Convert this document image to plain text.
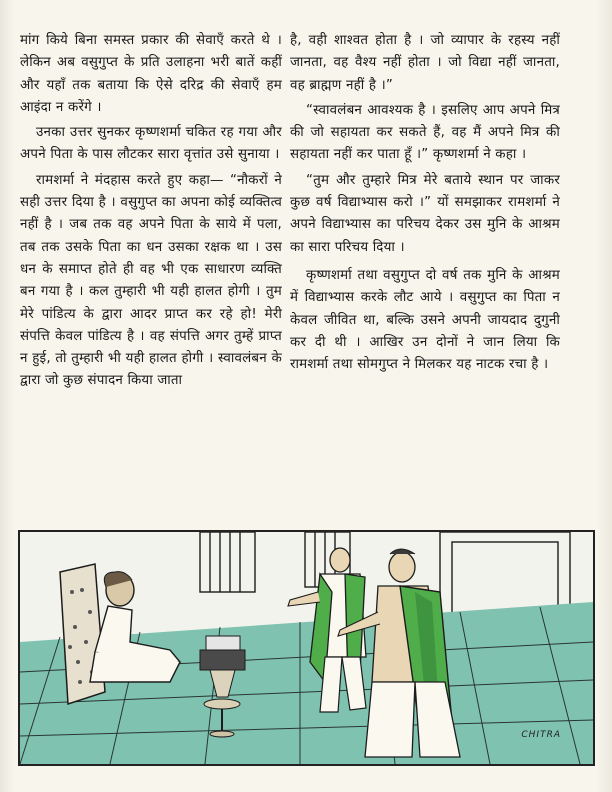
मांग किये बिना समस्त प्रकार की सेवाएँ करते थे । लेकिन अब वसुगुप्त के प्रति उलाहना भरी बातें कहीं और यहाँ तक बताया कि ऐसे दरिद्र की सेवाएँ हम आइंदा न करेंगे ।

उनका उत्तर सुनकर कृष्णशर्मा चकित रह गया और अपने पिता के पास लौटकर सारा वृत्तांत उसे सुनाया ।

रामशर्मा ने मंदहास करते हुए कहा— “नौकरों ने सही उत्तर दिया है । वसुगुप्त का अपना कोई व्यक्तित्व नहीं है । जब तक वह अपने पिता के साये में पला, तब तक उसके पिता का धन उसका रक्षक था । उस धन के समाप्त होते ही वह भी एक साधारण व्यक्ति बन गया है । कल तुम्हारी भी यही हालत होगी । तुम मेरे पांडित्य के द्वारा आदर प्राप्त कर रहे हो! मेरी संपत्ति केवल पांडित्य है । वह संपत्ति अगर तुम्हें प्राप्त न हुई, तो तुम्हारी भी यही हालत होगी । स्वावलंबन के द्वारा जो कुछ संपादन किया जाता

है, वही शाश्वत होता है । जो व्यापार के रहस्य नहीं जानता, वह वैश्य नहीं होता । जो विद्या नहीं जानता, वह ब्राह्मण नहीं है ।”

“स्वावलंबन आवश्यक है । इसलिए आप अपने मित्र की जो सहायता कर सकते हैं, वह मैं अपने मित्र की सहायता नहीं कर पाता हूँ ।” कृष्णशर्मा ने कहा ।

“तुम और तुम्हारे मित्र मेरे बताये स्थान पर जाकर कुछ वर्ष विद्याभ्यास करो ।” यों समझाकर रामशर्मा ने अपने विद्याभ्यास का परिचय देकर उस मुनि के आश्रम का सारा परिचय दिया ।

कृष्णशर्मा तथा वसुगुप्त दो वर्ष तक मुनि के आश्रम में विद्याभ्यास करके लौट आये । वसुगुप्त का पिता न केवल जीवित था, बल्कि उसने अपनी जायदाद दुगुनी कर दी थी । आखिर उन दोनों ने जान लिया कि रामशर्मा तथा सोमगुप्त ने मिलकर यह नाटक रचा है ।

CHITRA
